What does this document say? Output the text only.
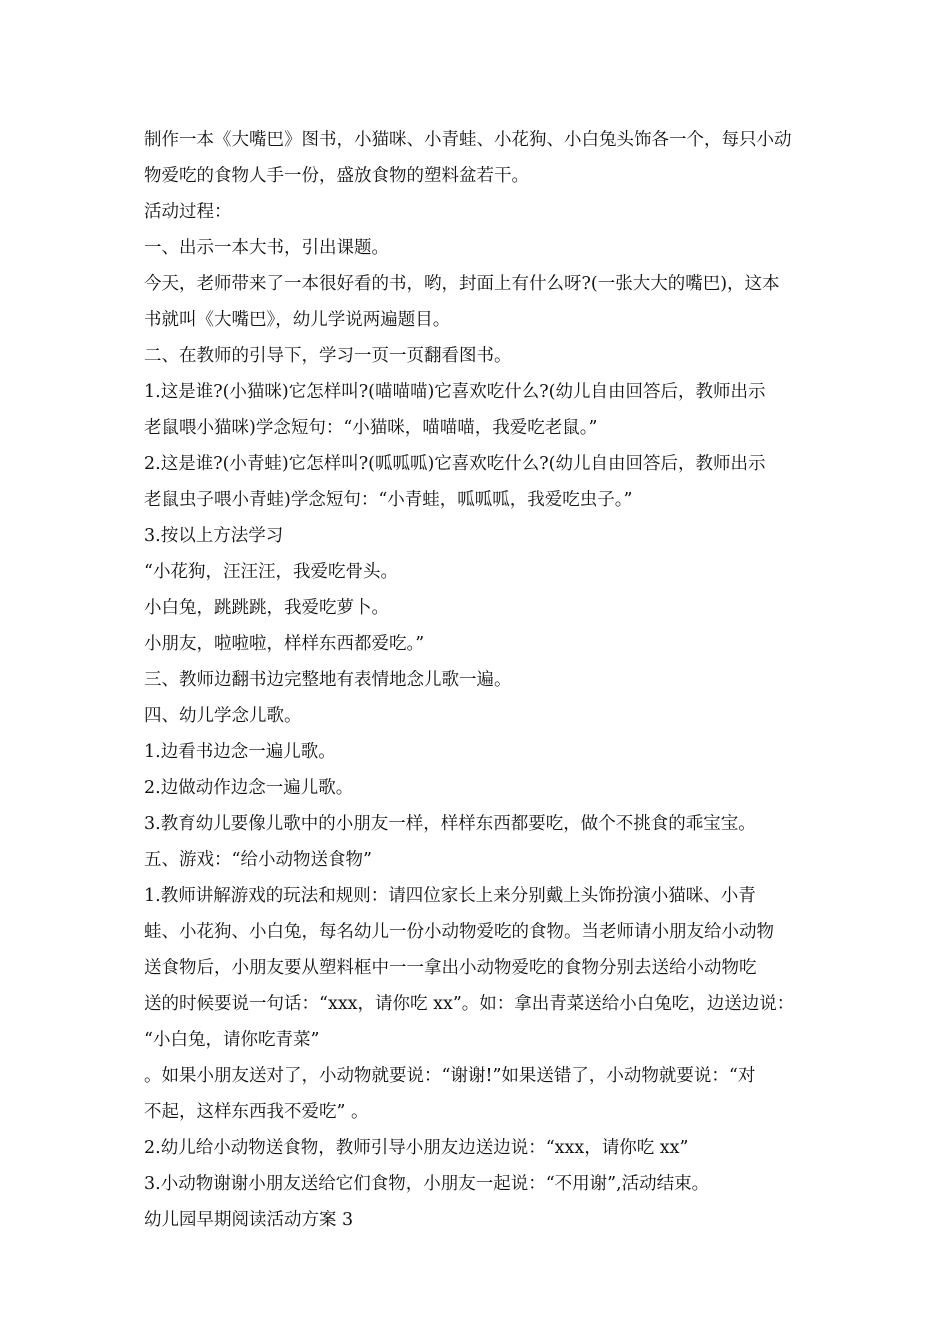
制作一本《大嘴巴》图书，小猫咪、小青蛙、小花狗、小白兔头饰各一个，每只小动
物爱吃的食物人手一份，盛放食物的塑料盆若干。
活动过程：
一、出示一本大书，引出课题。
今天，老师带来了一本很好看的书，哟，封面上有什么呀?(一张大大的嘴巴)，这本
书就叫《大嘴巴》，幼儿学说两遍题目。
二、在教师的引导下，学习一页一页翻看图书。
1.这是谁?(小猫咪)它怎样叫?(喵喵喵)它喜欢吃什么?(幼儿自由回答后，教师出示
老鼠喂小猫咪)学念短句：“小猫咪，喵喵喵，我爱吃老鼠。”
2.这是谁?(小青蛙)它怎样叫?(呱呱呱)它喜欢吃什么?(幼儿自由回答后，教师出示
老鼠虫子喂小青蛙)学念短句：“小青蛙，呱呱呱，我爱吃虫子。”
3.按以上方法学习
“小花狗，汪汪汪，我爱吃骨头。
小白兔，跳跳跳，我爱吃萝卜。
小朋友，啦啦啦，样样东西都爱吃。”
三、教师边翻书边完整地有表情地念儿歌一遍。
四、幼儿学念儿歌。
1.边看书边念一遍儿歌。
2.边做动作边念一遍儿歌。
3.教育幼儿要像儿歌中的小朋友一样，样样东西都要吃，做个不挑食的乖宝宝。
五、游戏：“给小动物送食物”
1.教师讲解游戏的玩法和规则：请四位家长上来分别戴上头饰扮演小猫咪、小青
蛙、小花狗、小白兔，每名幼儿一份小动物爱吃的食物。当老师请小朋友给小动物
送食物后，小朋友要从塑料框中一一拿出小动物爱吃的食物分别去送给小动物吃
送的时候要说一句话：“xxx，请你吃 xx”。如：拿出青菜送给小白兔吃，边送边说：
“小白兔，请你吃青菜”
。如果小朋友送对了，小动物就要说：“谢谢!”如果送错了，小动物就要说：“对
不起，这样东西我不爱吃” 。
2.幼儿给小动物送食物，教师引导小朋友边送边说：“xxx，请你吃 xx”
3.小动物谢谢小朋友送给它们食物，小朋友一起说：“不用谢”,活动结束。
幼儿园早期阅读活动方案 3
